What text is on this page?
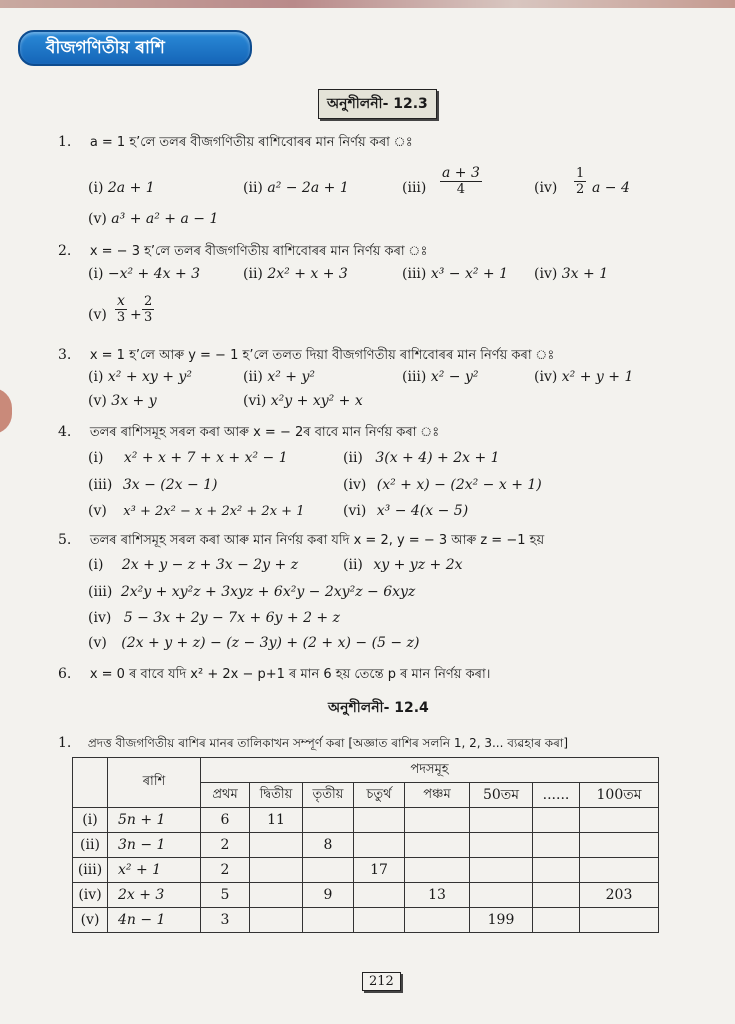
বীজগণিতীয় ৰাশি
অনুশীলনী- 12.3
1. a = 1 হ’লে তলৰ বীজগণিতীয় ৰাশিবোৰৰ মান নিৰ্ণয় কৰা ঃ
(i) 2a + 1	(ii) a² − 2a + 1	$(iii) \frac{a + 3}{4}$	$(iv) \frac{1}{2}$ a − 4
(v) a³ + a² + a − 1
2. x = − 3 হ’লে তলৰ বীজগণিতীয় ৰাশিবোৰৰ মান নিৰ্ণয় কৰা ঃ
(i) −x² + 4x + 3	(ii) 2x² + x + 3	(iii) x³ − x² + 1 (iv) 3x + 1
$(v) \frac{x}{3} + \frac{2}{3}$
3. x = 1 হ’লে আৰু y = − 1 হ’লে তলত দিয়া বীজগণিতীয় ৰাশিবোৰৰ মান নিৰ্ণয় কৰা ঃ
(i) x² + xy + y²	(ii) x² + y²	(iii) x² − y²	(iv) x² + y + 1
(v) 3x + y	(vi) x²y + xy² + x
4. তলৰ ৰাশিসমূহ সৰল কৰা আৰু x = − 2ৰ বাবে মান নিৰ্ণয় কৰা ঃ
(i) x² + x + 7 + x + x² − 1	(ii) 3(x + 4) + 2x + 1
(iii) 3x − (2x − 1)	(iv) (x² + x) − (2x² − x + 1)
(v) x³ + 2x² − x + 2x² + 2x + 1	(vi) x³ − 4(x − 5)
5. তলৰ ৰাশিসমূহ সৰল কৰা আৰু মান নিৰ্ণয় কৰা যদি x = 2, y = − 3 আৰু z = −1 হয়
(i) 2x + y − z + 3x − 2y + z	(ii) xy + yz + 2x
(iii) 2x²y + xy²z + 3xyz + 6x²y − 2xy²z − 6xyz
(iv) 5 − 3x + 2y − 7x + 6y + 2 + z
(v) (2x + y + z) − (z − 3y) + (2 + x) − (5 − z)
6. x = 0 ৰ বাবে যদি x² + 2x − p+1 ৰ মান 6 হয় তেন্তে p ৰ মান নিৰ্ণয় কৰা।
অনুশীলনী- 12.4
1. প্ৰদত্ত বীজগণিতীয় ৰাশিৰ মানৰ তালিকাখন সম্পূৰ্ণ কৰা [অজ্ঞাত ৰাশিৰ সলনি 1, 2, 3... ব্যৱহাৰ কৰা]
	ৰাশি	পদসমূহ							
		প্ৰথম	দ্বিতীয়	তৃতীয়	চতুৰ্থ	পঞ্চম	50তম	......	100তম
(i)	5n + 1	6	11						
(ii)	3n − 1	2		8					
(iii)	x² + 1	2			17				
(iv)	2x + 3	5		9		13			203
(v)	4n − 1	3					199		
212
